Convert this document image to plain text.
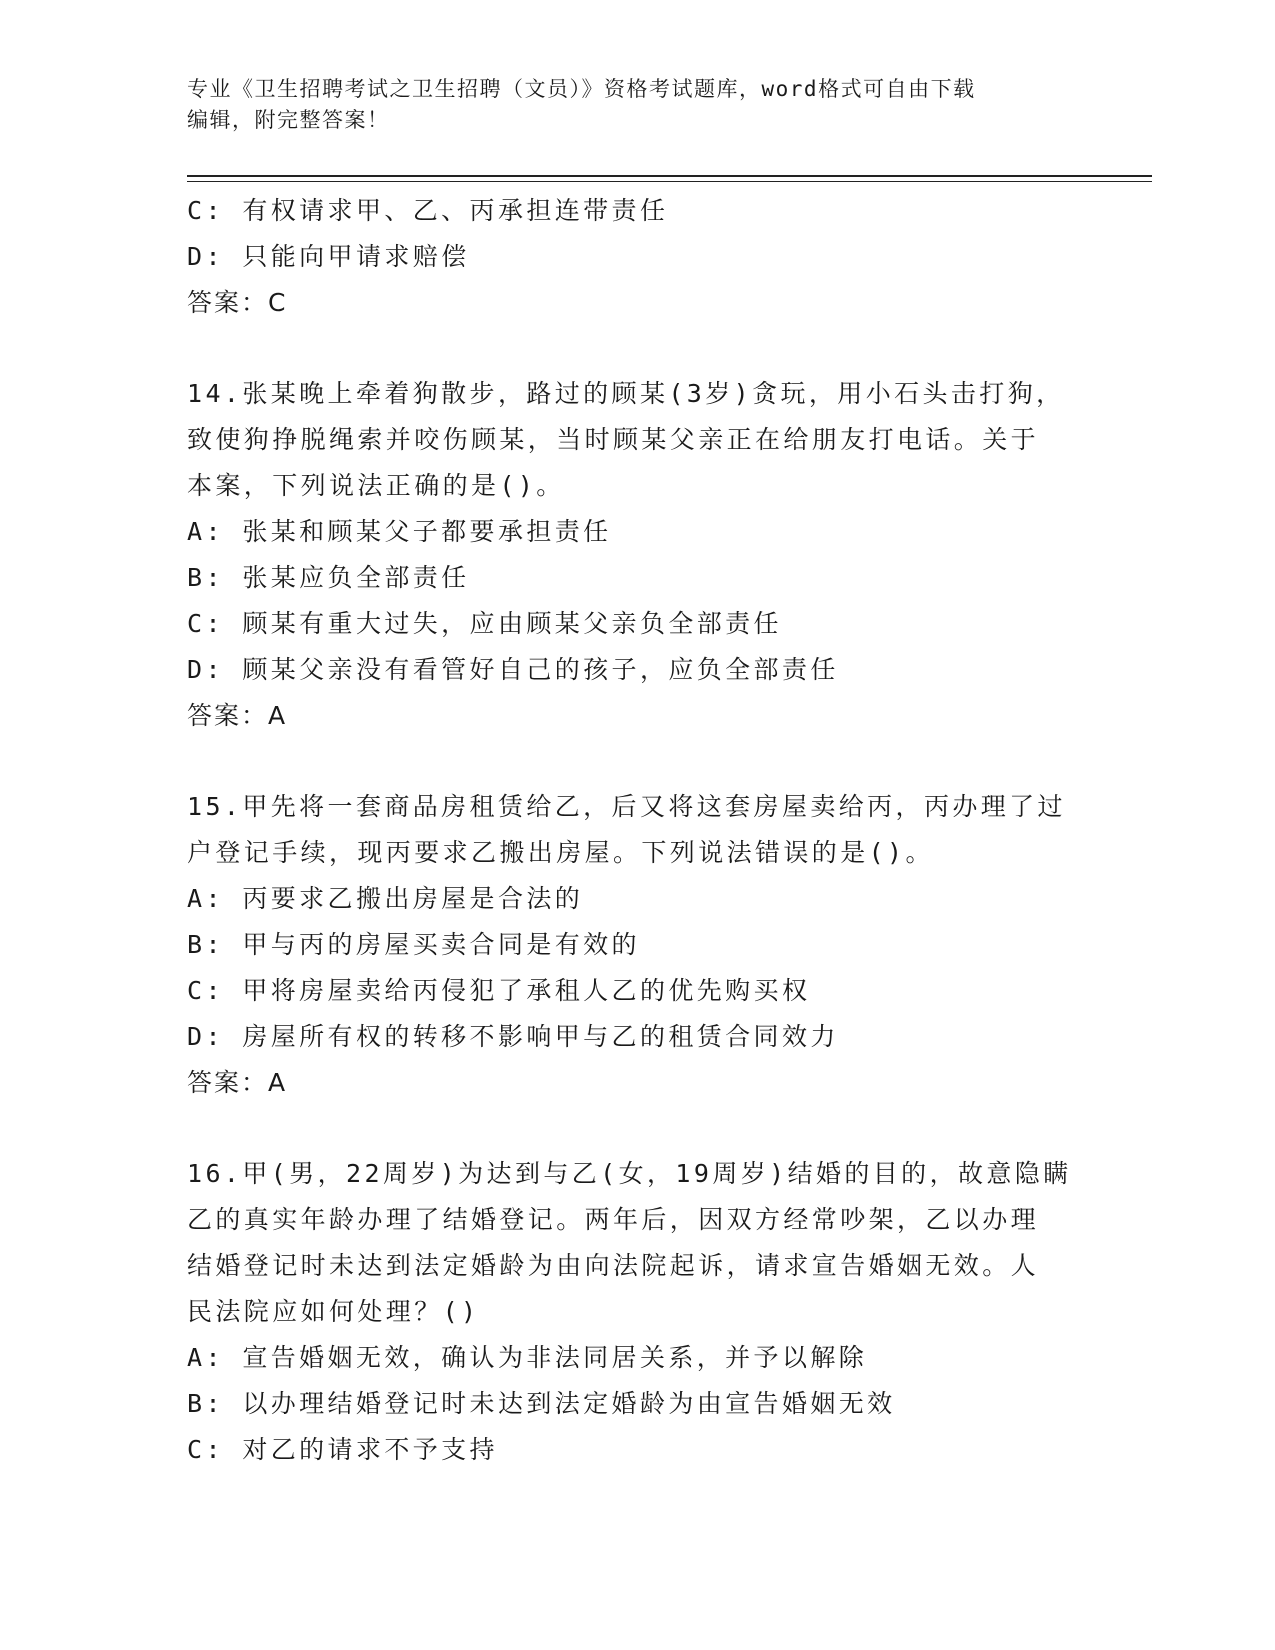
专业《卫生招聘考试之卫生招聘（文员）》资格考试题库，word格式可自由下载
编辑，附完整答案！
C: 有权请求甲、乙、丙承担连带责任
D: 只能向甲请求赔偿
答案：C
14.张某晚上牵着狗散步，路过的顾某(3岁)贪玩，用小石头击打狗，
致使狗挣脱绳索并咬伤顾某，当时顾某父亲正在给朋友打电话。关于
本案，下列说法正确的是()。
A: 张某和顾某父子都要承担责任
B: 张某应负全部责任
C: 顾某有重大过失，应由顾某父亲负全部责任
D: 顾某父亲没有看管好自己的孩子，应负全部责任
答案：A
15.甲先将一套商品房租赁给乙，后又将这套房屋卖给丙，丙办理了过
户登记手续，现丙要求乙搬出房屋。下列说法错误的是()。
A: 丙要求乙搬出房屋是合法的
B: 甲与丙的房屋买卖合同是有效的
C: 甲将房屋卖给丙侵犯了承租人乙的优先购买权
D: 房屋所有权的转移不影响甲与乙的租赁合同效力
答案：A
16.甲(男，22周岁)为达到与乙(女，19周岁)结婚的目的，故意隐瞒
乙的真实年龄办理了结婚登记。两年后，因双方经常吵架，乙以办理
结婚登记时未达到法定婚龄为由向法院起诉，请求宣告婚姻无效。人
民法院应如何处理？()
A: 宣告婚姻无效，确认为非法同居关系，并予以解除
B: 以办理结婚登记时未达到法定婚龄为由宣告婚姻无效
C: 对乙的请求不予支持
